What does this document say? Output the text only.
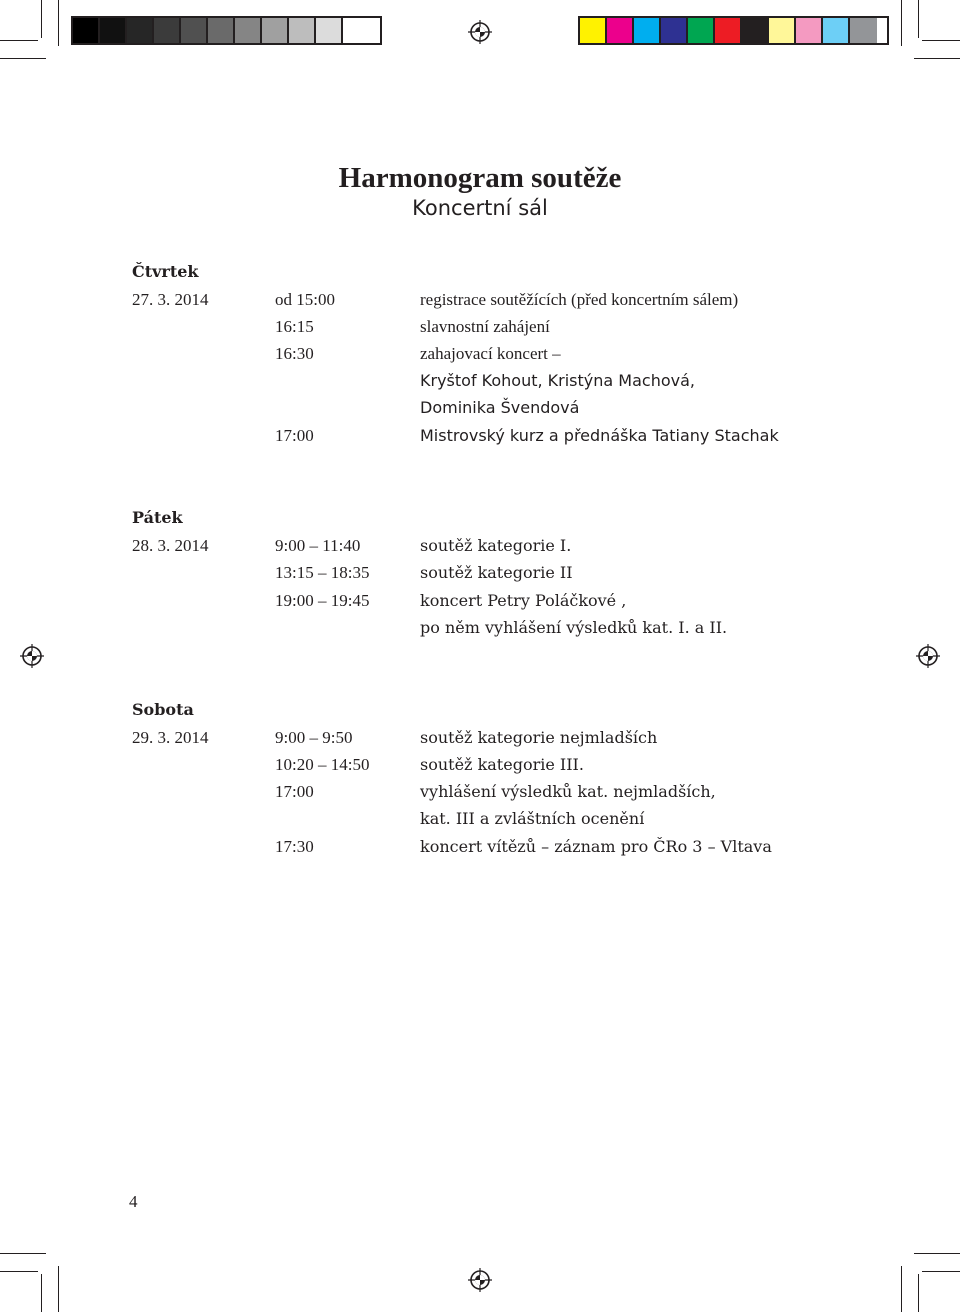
Harmonogram soutěže
Koncertní sál
Čtvrtek
27. 3. 2014	od 15:00	registrace soutěžících (před koncertním sálem)
16:15	slavnostní zahájení
16:30	zahajovací koncert –
Kryštof Kohout, Kristýna Machová,
Dominika Švendová
17:00	Mistrovský kurz a přednáška Tatiany Stachak
Pátek
28. 3. 2014	9:00 – 11:40	soutěž kategorie I.
13:15 – 18:35	soutěž kategorie II
19:00 – 19:45	koncert Petry Poláčkové ,
po něm vyhlášení výsledků kat. I. a II.
Sobota
29. 3. 2014	9:00 – 9:50	soutěž kategorie nejmladších
10:20 – 14:50	soutěž kategorie III.
17:00	vyhlášení výsledků kat. nejmladších,
kat. III a zvláštních ocenění
17:30	koncert vítězů – záznam pro ČRo 3 – Vltava
4
